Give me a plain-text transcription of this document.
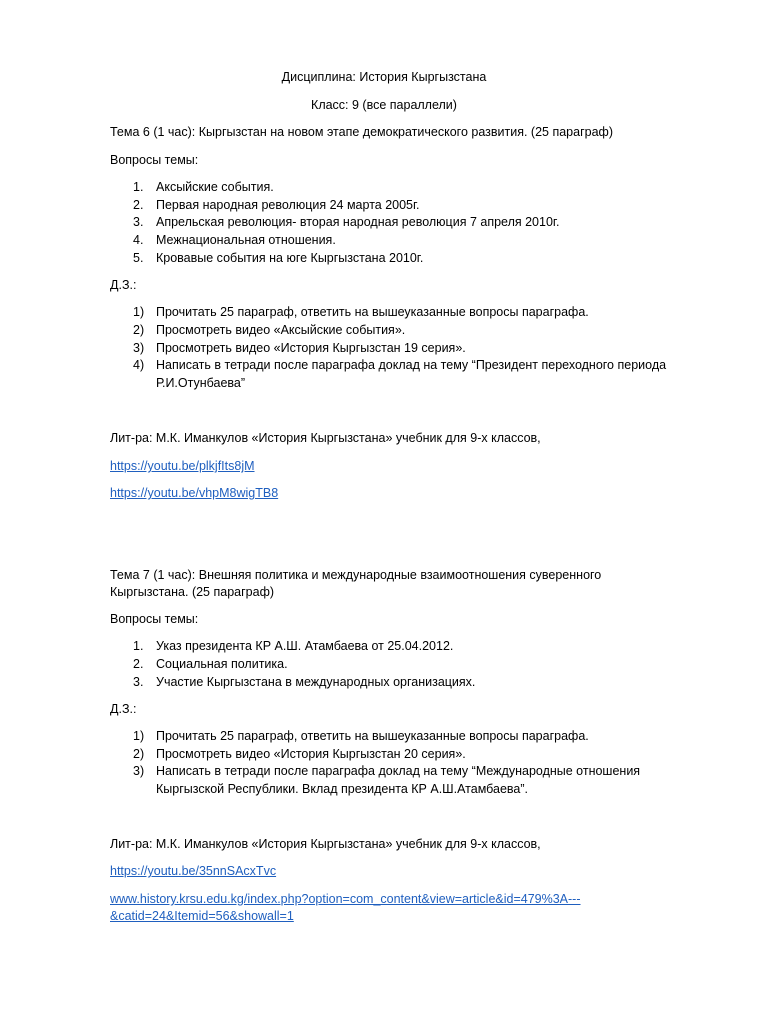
Дисциплина: История Кыргызстана
Класс: 9 (все параллели)
Тема 6 (1 час): Кыргызстан на новом этапе демократического развития. (25 параграф)
Вопросы темы:
1. Аксыйские события.
2. Первая народная революция 24 марта 2005г.
3. Апрельская революция- вторая народная революция 7 апреля 2010г.
4. Межнациональная отношения.
5. Кровавые события на юге Кыргызстана 2010г.
Д.З.:
1) Прочитать 25 параграф, ответить на вышеуказанные вопросы параграфа.
2) Просмотреть видео «Аксыйские события».
3) Просмотреть видео «История Кыргызстан 19 серия».
4) Написать в тетради после параграфа доклад на тему “Президент переходного периода
Р.И.Отунбаева”
Лит-ра: М.К. Иманкулов «История Кыргызстана» учебник для 9-х классов,
https://youtu.be/plkjfIts8jM
https://youtu.be/vhpM8wigTB8
Тема 7 (1 час): Внешняя политика и международные взаимоотношения суверенного
Кыргызстана. (25 параграф)
Вопросы темы:
1. Указ президента КР А.Ш. Атамбаева от 25.04.2012.
2. Социальная политика.
3. Участие Кыргызстана в международных организациях.
Д.З.:
1) Прочитать 25 параграф, ответить на вышеуказанные вопросы параграфа.
2) Просмотреть видео «История Кыргызстан 20 серия».
3) Написать в тетради после параграфа доклад на тему “Международные отношения
Кыргызской Республики. Вклад президента КР А.Ш.Атамбаева”.
Лит-ра: М.К. Иманкулов «История Кыргызстана» учебник для 9-х классов,
https://youtu.be/35nnSAcxTvc
www.history.krsu.edu.kg/index.php?option=com_content&view=article&id=479%3A---
&catid=24&Itemid=56&showall=1
